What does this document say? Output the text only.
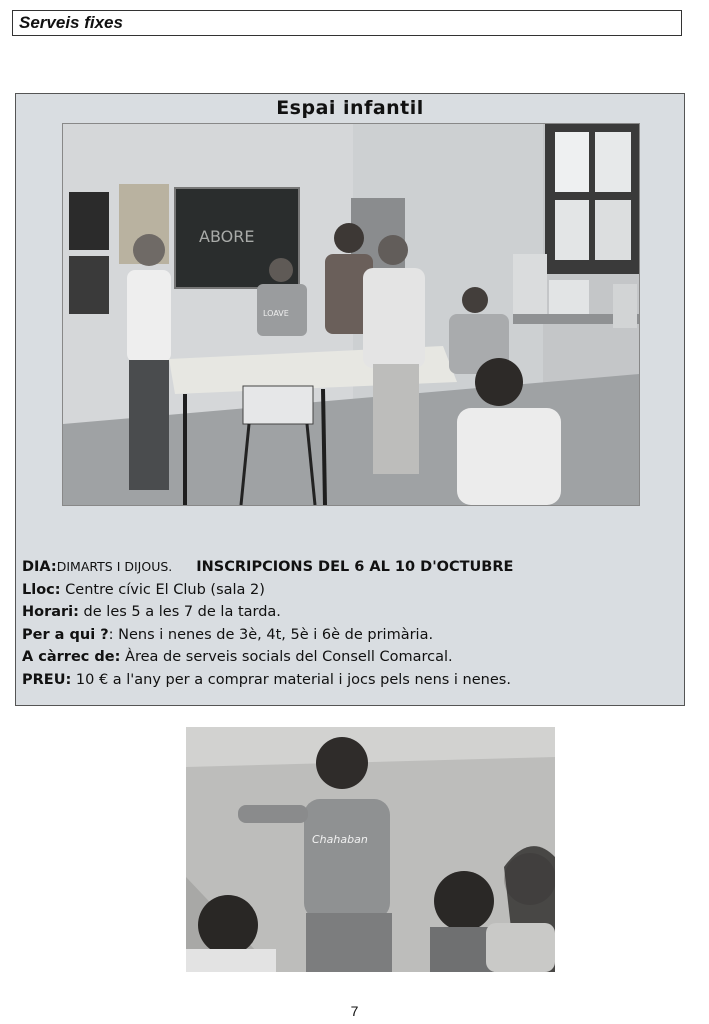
Serveis fixes
Espai infantil
ABORE
LOAVE
DIA:DIMARTS I DIJOUS. INSCRIPCIONS DEL 6 AL 10 D'OCTUBRE
Lloc: Centre cívic El Club (sala 2)
Horari: de les 5 a les 7 de la tarda.
Per a qui ?: Nens i nenes de 3è, 4t, 5è i 6è de primària.
A càrrec de: Àrea de serveis socials del Consell Comarcal.
PREU: 10 € a l'any per a comprar material i jocs pels nens i nenes.
Chahaban
7
